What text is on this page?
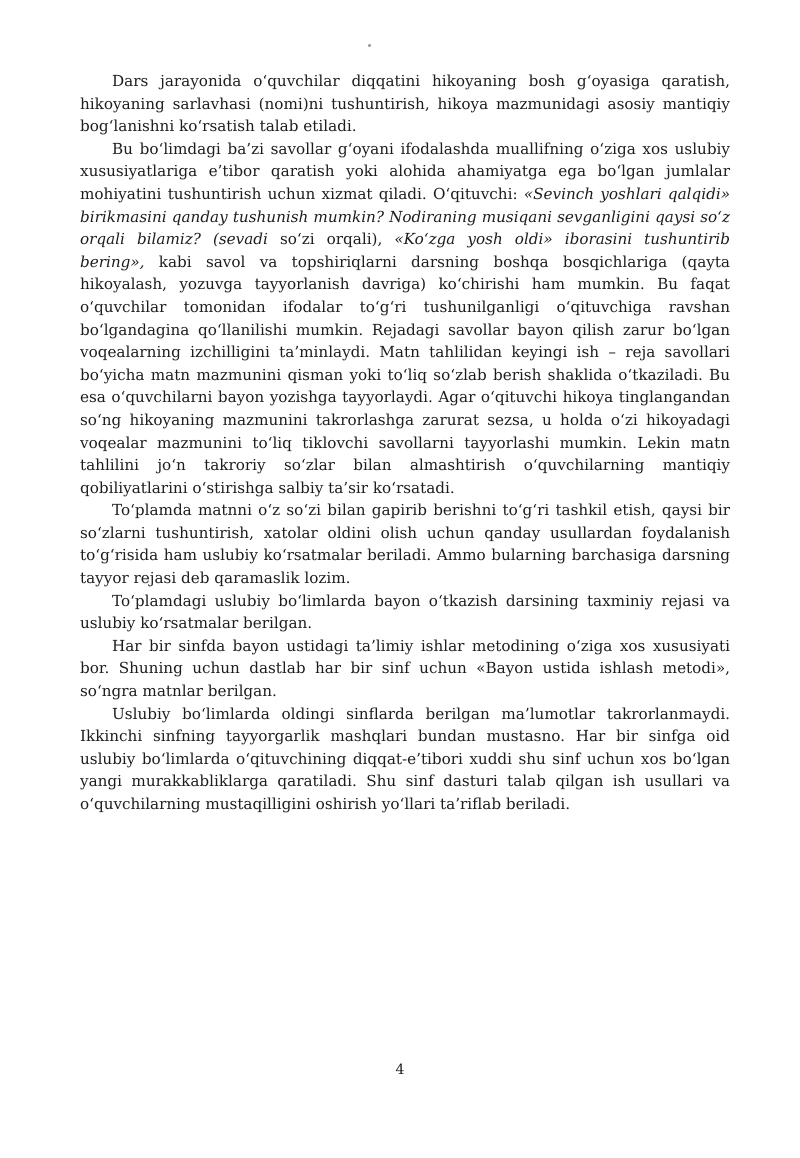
Dars jarayonida o‘quvchilar diqqatini hikoyaning bosh g‘oyasiga qaratish, hikoyaning sarlavhasi (nomi)ni tushuntirish, hikoya mazmunidagi asosiy mantiqiy bog‘lanishni ko‘rsatish talab etiladi.

Bu bo‘limdagi ba’zi savollar g‘oyani ifodalashda muallifning o‘ziga xos uslubiy xususiyatlariga e’tibor qaratish yoki alohida ahamiyatga ega bo‘lgan jumlalar mohiyatini tushuntirish uchun xizmat qiladi. O‘qituvchi: «Sevinch yoshlari qalqidi» birikmasini qanday tushunish mumkin? Nodiraning musiqani sevganligini qaysi so‘z orqali bilamiz? (sevadi so‘zi orqali), «Ko‘zga yosh oldi» iborasini tushuntirib bering», kabi savol va topshiriqlarni darsning boshqa bosqichlariga (qayta hikoyalash, yozuvga tayyorlanish davriga) ko‘chirishi ham mumkin. Bu faqat o‘quvchilar tomonidan ifodalar to‘g‘ri tushunilganligi o‘qituvchiga ravshan bo‘lgandagina qo‘llanilishi mumkin. Rejadagi savollar bayon qilish zarur bo‘lgan voqealarning izchilligini ta’minlaydi. Matn tahlilidan keyingi ish – reja savollari bo‘yicha matn mazmunini qisman yoki to‘liq so‘zlab berish shaklida o‘tkaziladi. Bu esa o‘quvchilarni bayon yozishga tayyorlaydi. Agar o‘qituvchi hikoya tinglangandan so‘ng hikoyaning mazmunini takrorlashga zarurat sezsa, u holda o‘zi hikoyadagi voqealar mazmunini to‘liq tiklovchi savollarni tayyorlashi mumkin. Lekin matn tahlilini jo‘n takroriy so‘zlar bilan almashtirish o‘quvchilarning mantiqiy qobiliyatlarini o‘stirishga salbiy ta’sir ko‘rsatadi.

To‘plamda matnni o‘z so‘zi bilan gapirib berishni to‘g‘ri tashkil etish, qaysi bir so‘zlarni tushuntirish, xatolar oldini olish uchun qanday usullardan foydalanish to‘g‘risida ham uslubiy ko‘rsatmalar beriladi. Ammo bularning barchasiga darsning tayyor rejasi deb qaramaslik lozim.

To‘plamdagi uslubiy bo‘limlarda bayon o‘tkazish darsining taxminiy rejasi va uslubiy ko‘rsatmalar berilgan.

Har bir sinfda bayon ustidagi ta’limiy ishlar metodining o‘ziga xos xususiyati bor. Shuning uchun dastlab har bir sinf uchun «Bayon ustida ishlash metodi», so‘ngra matnlar berilgan.

Uslubiy bo‘limlarda oldingi sinflarda berilgan ma’lumotlar takrorlanmaydi. Ikkinchi sinfning tayyorgarlik mashqlari bundan mustasno. Har bir sinfga oid uslubiy bo‘limlarda o‘qituvchining diqqat-e’tibori xuddi shu sinf uchun xos bo‘lgan yangi murakkabliklarga qaratiladi. Shu sinf dasturi talab qilgan ish usullari va o‘quvchilarning mustaqilligini oshirish yo‘llari ta’riflab beriladi.

4
